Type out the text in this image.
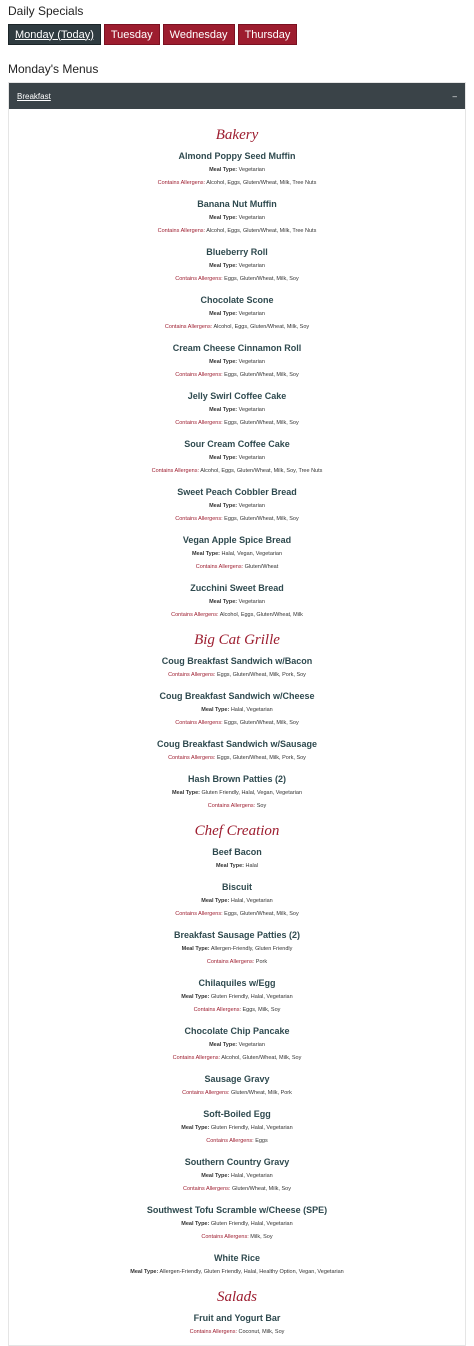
Daily Specials
Monday (Today)	Tuesday	Wednesday	Thursday
Monday's Menus
Breakfast	–
Bakery
Almond Poppy Seed Muffin
Meal Type: Vegetarian
Contains Allergens: Alcohol, Eggs, Gluten/Wheat, Milk, Tree Nuts
Banana Nut Muffin
Meal Type: Vegetarian
Contains Allergens: Alcohol, Eggs, Gluten/Wheat, Milk, Tree Nuts
Blueberry Roll
Meal Type: Vegetarian
Contains Allergens: Eggs, Gluten/Wheat, Milk, Soy
Chocolate Scone
Meal Type: Vegetarian
Contains Allergens: Alcohol, Eggs, Gluten/Wheat, Milk, Soy
Cream Cheese Cinnamon Roll
Meal Type: Vegetarian
Contains Allergens: Eggs, Gluten/Wheat, Milk, Soy
Jelly Swirl Coffee Cake
Meal Type: Vegetarian
Contains Allergens: Eggs, Gluten/Wheat, Milk, Soy
Sour Cream Coffee Cake
Meal Type: Vegetarian
Contains Allergens: Alcohol, Eggs, Gluten/Wheat, Milk, Soy, Tree Nuts
Sweet Peach Cobbler Bread
Meal Type: Vegetarian
Contains Allergens: Eggs, Gluten/Wheat, Milk, Soy
Vegan Apple Spice Bread
Meal Type: Halal, Vegan, Vegetarian
Contains Allergens: Gluten/Wheat
Zucchini Sweet Bread
Meal Type: Vegetarian
Contains Allergens: Alcohol, Eggs, Gluten/Wheat, Milk
Big Cat Grille
Coug Breakfast Sandwich w/Bacon
Contains Allergens: Eggs, Gluten/Wheat, Milk, Pork, Soy
Coug Breakfast Sandwich w/Cheese
Meal Type: Halal, Vegetarian
Contains Allergens: Eggs, Gluten/Wheat, Milk, Soy
Coug Breakfast Sandwich w/Sausage
Contains Allergens: Eggs, Gluten/Wheat, Milk, Pork, Soy
Hash Brown Patties (2)
Meal Type: Gluten Friendly, Halal, Vegan, Vegetarian
Contains Allergens: Soy
Chef Creation
Beef Bacon
Meal Type: Halal
Biscuit
Meal Type: Halal, Vegetarian
Contains Allergens: Eggs, Gluten/Wheat, Milk, Soy
Breakfast Sausage Patties (2)
Meal Type: Allergen-Friendly, Gluten Friendly
Contains Allergens: Pork
Chilaquiles w/Egg
Meal Type: Gluten Friendly, Halal, Vegetarian
Contains Allergens: Eggs, Milk, Soy
Chocolate Chip Pancake
Meal Type: Vegetarian
Contains Allergens: Alcohol, Gluten/Wheat, Milk, Soy
Sausage Gravy
Contains Allergens: Gluten/Wheat, Milk, Pork
Soft-Boiled Egg
Meal Type: Gluten Friendly, Halal, Vegetarian
Contains Allergens: Eggs
Southern Country Gravy
Meal Type: Halal, Vegetarian
Contains Allergens: Gluten/Wheat, Milk, Soy
Southwest Tofu Scramble w/Cheese (SPE)
Meal Type: Gluten Friendly, Halal, Vegetarian
Contains Allergens: Milk, Soy
White Rice
Meal Type: Allergen-Friendly, Gluten Friendly, Halal, Healthy Option, Vegan, Vegetarian
Salads
Fruit and Yogurt Bar
Contains Allergens: Coconut, Milk, Soy
